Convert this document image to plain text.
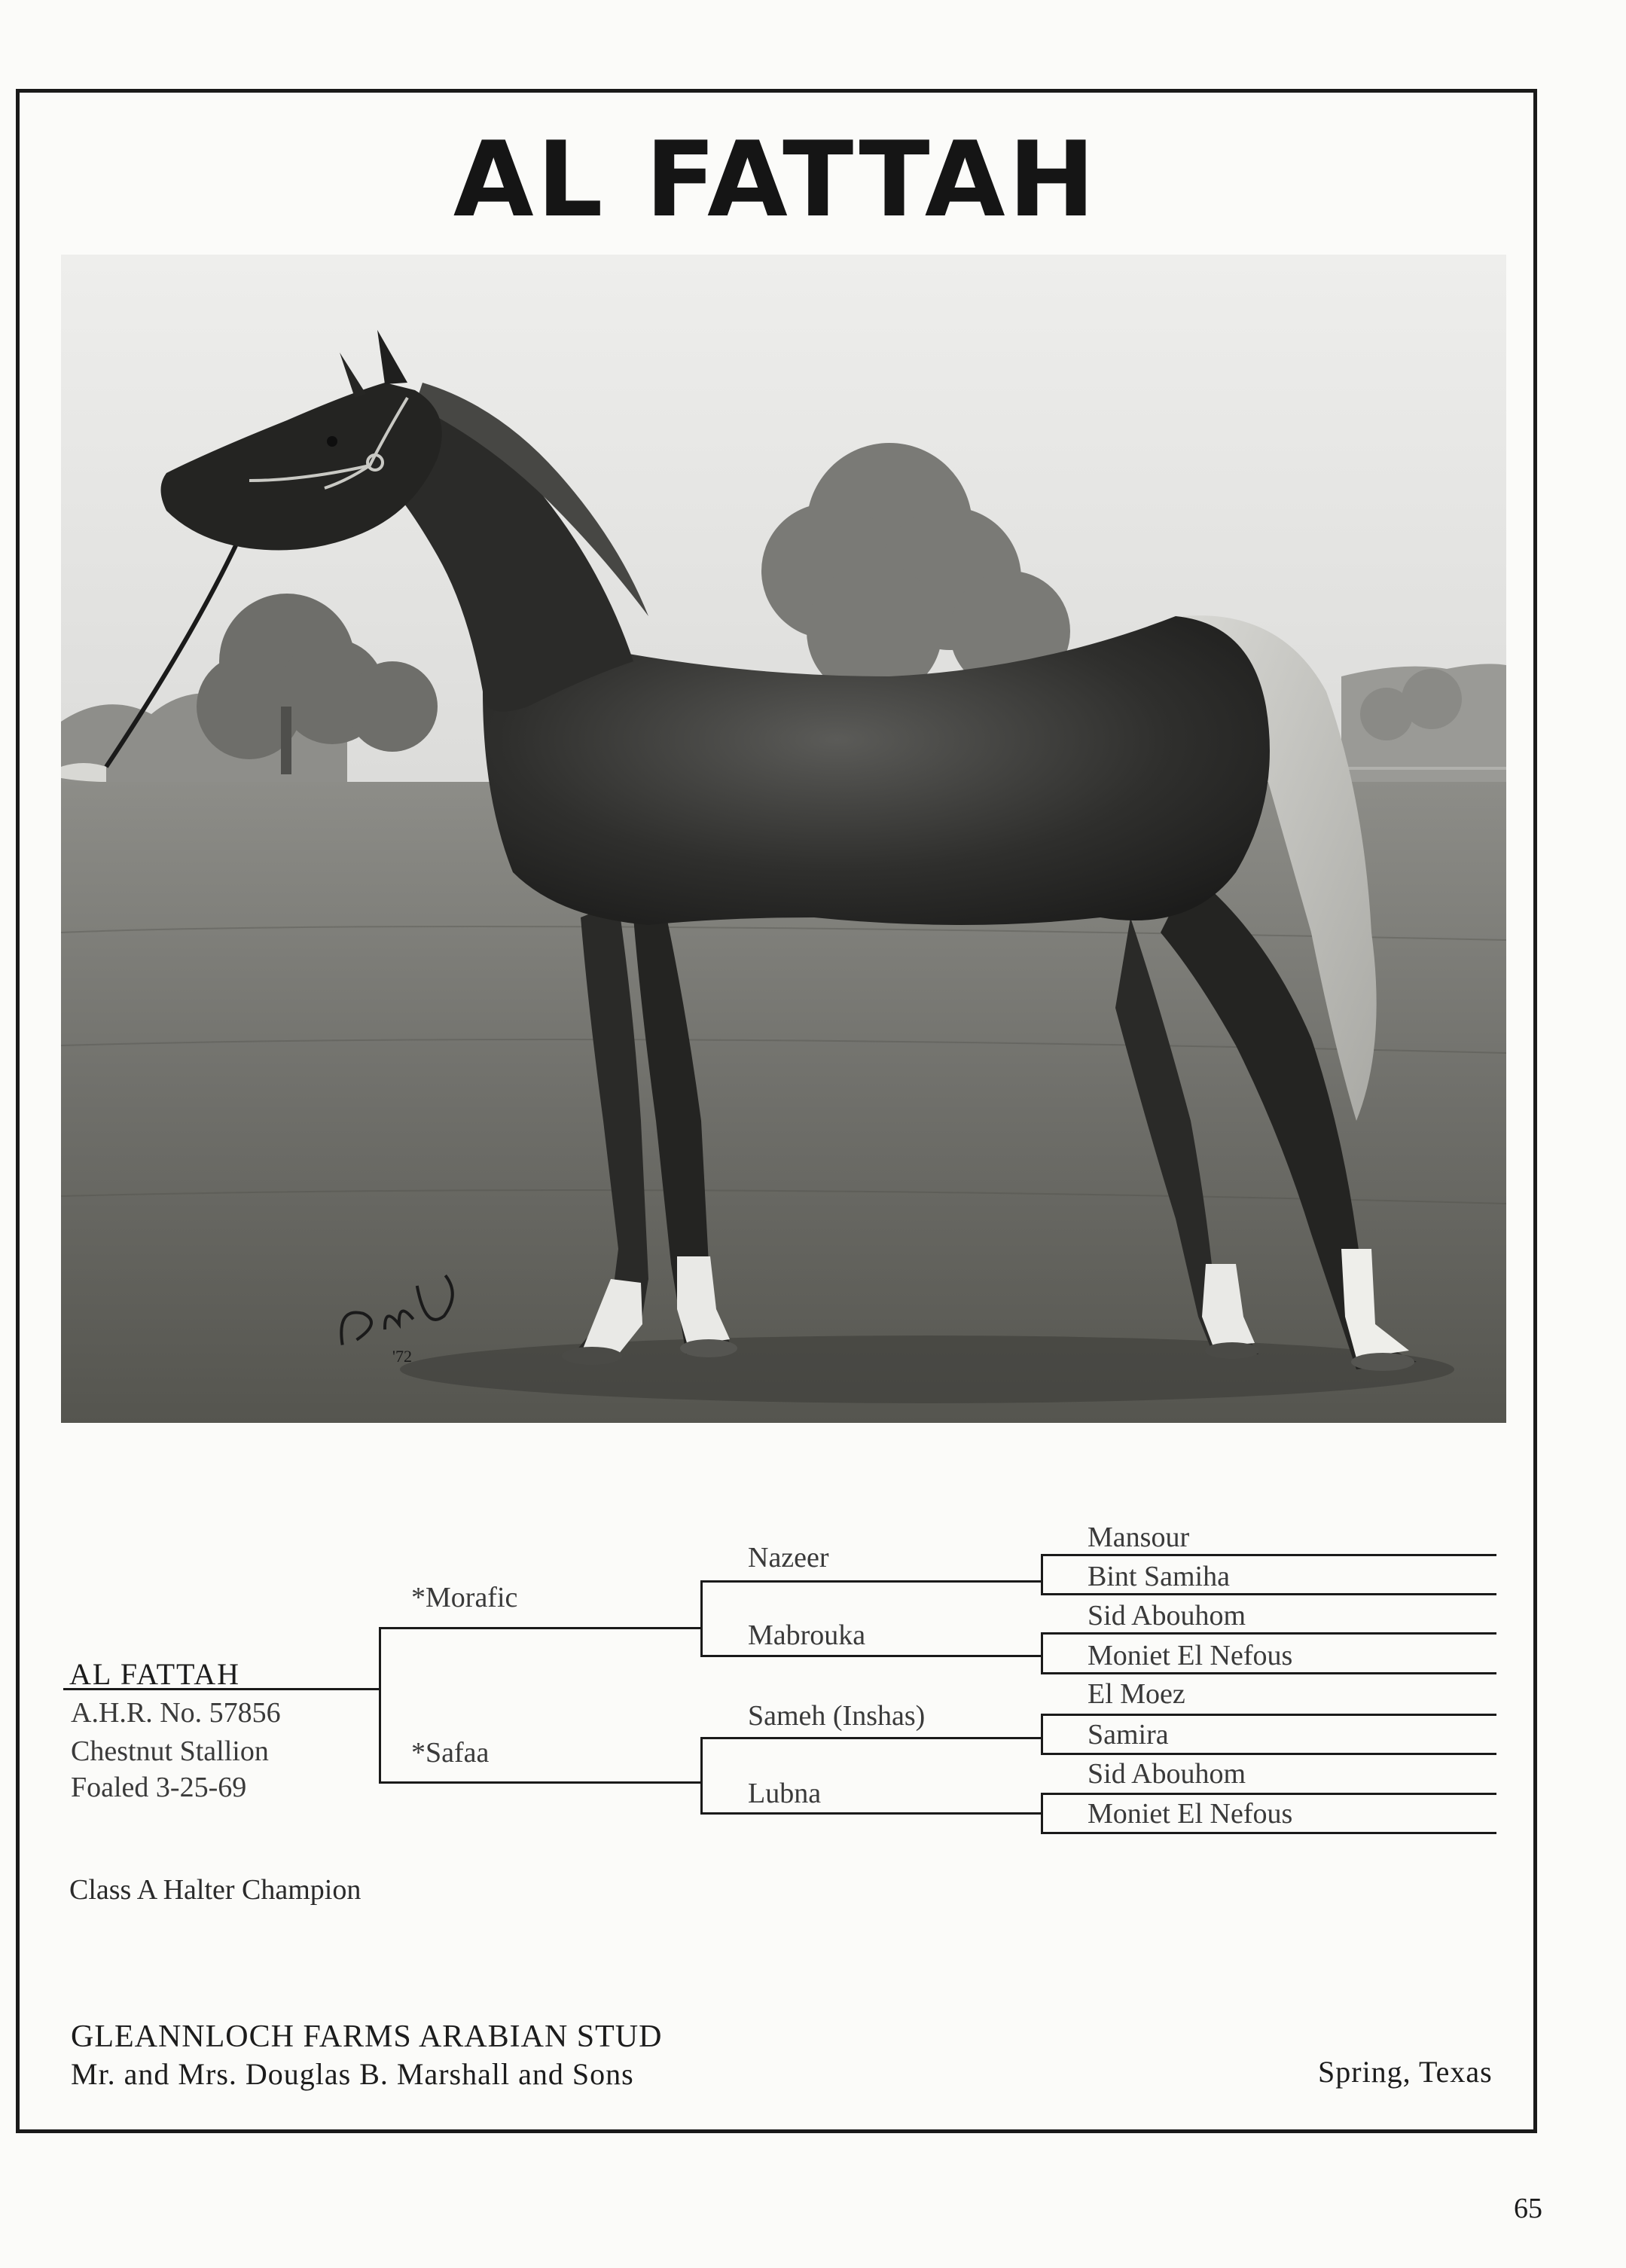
AL FATTAH
'72
AL FATTAH
A.H.R. No. 57856
Chestnut Stallion
Foaled 3-25-69
*Morafic
*Safaa
Nazeer
Mabrouka
Sameh (Inshas)
Lubna
Mansour
Bint Samiha
Sid Abouhom
Moniet El Nefous
El Moez
Samira
Sid Abouhom
Moniet El Nefous
Class A Halter Champion
GLEANNLOCH FARMS ARABIAN STUD
Mr. and Mrs. Douglas B. Marshall and Sons	Spring, Texas
65
